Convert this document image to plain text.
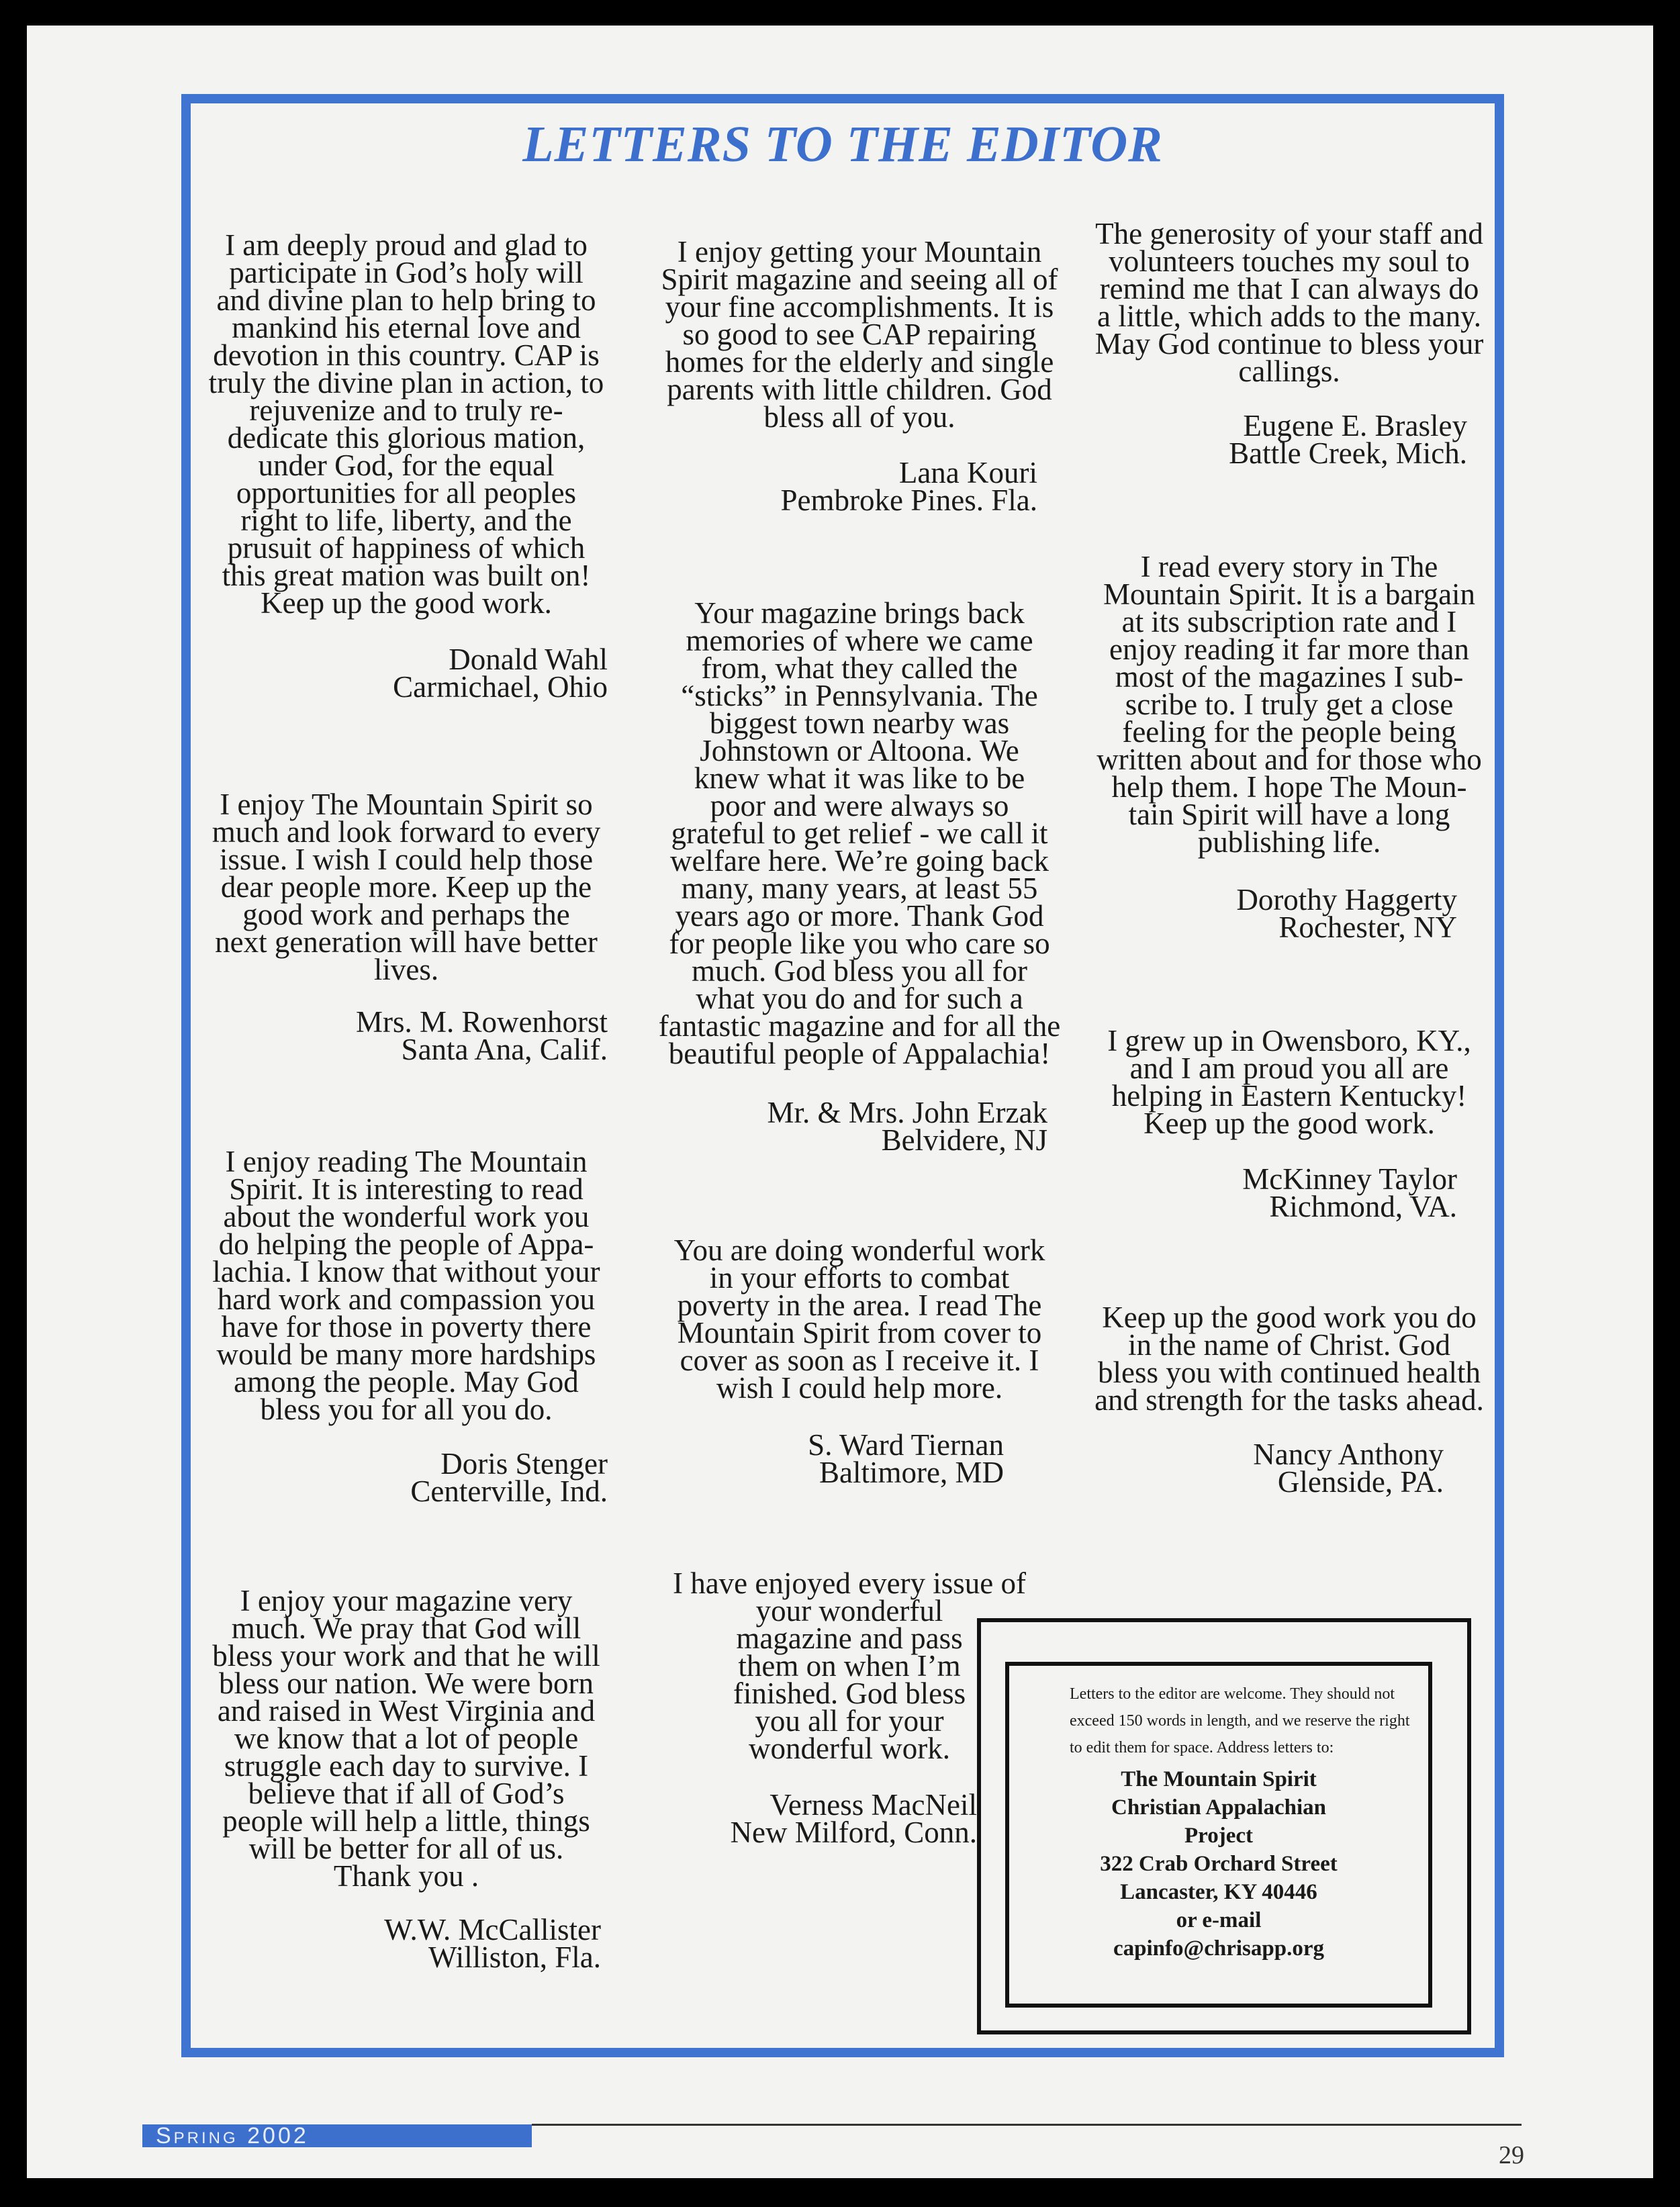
LETTERS TO THE EDITOR

I am deeply proud and glad to

participate in God’s holy will

and divine plan to help bring to

mankind his eternal love and

devotion in this country. CAP is

truly the divine plan in action, to

rejuvenize and to truly re-

dedicate this glorious mation,

under God, for the equal

opportunities for all peoples

right to life, liberty, and the

prusuit of happiness of which

this great mation was built on!

Keep up the good work.

Donald Wahl
Carmichael, Ohio

I enjoy The Mountain Spirit so

much and look forward to every

issue. I wish I could help those

dear people more. Keep up the

good work and perhaps the

next generation will have better

lives.

Mrs. M. Rowenhorst
Santa Ana, Calif.

I enjoy reading The Mountain

Spirit. It is interesting to read

about the wonderful work you

do helping the people of Appa-

lachia. I know that without your

hard work and compassion you

have for those in poverty there

would be many more hardships

among the people. May God

bless you for all you do.

Doris Stenger
Centerville, Ind.

I enjoy your magazine very

much. We pray that God will

bless your work and that he will

bless our nation. We were born

and raised in West Virginia and

we know that a lot of people

struggle each day to survive. I

believe that if all of God’s

people will help a little, things

will be better for all of us.

Thank you .

W.W. McCallister
Williston, Fla.

I enjoy getting your Mountain

Spirit magazine and seeing all of

your fine accomplishments. It is

so good to see CAP repairing

homes for the elderly and single

parents with little children. God

bless all of you.

Lana Kouri
Pembroke Pines. Fla.

Your magazine brings back

memories of where we came

from, what they called the

“sticks” in Pennsylvania. The

biggest town nearby was

Johnstown or Altoona. We

knew what it was like to be

poor and were always so

grateful to get relief - we call it

welfare here. We’re going back

many, many years, at least 55

years ago or more. Thank God

for people like you who care so

much. God bless you all for

what you do and for such a

fantastic magazine and for all the

beautiful people of Appalachia!

Mr. & Mrs. John Erzak
Belvidere, NJ

You are doing wonderful work

in your efforts to combat

poverty in the area. I read The

Mountain Spirit from cover to

cover as soon as I receive it. I

wish I could help more.

S. Ward Tiernan
Baltimore, MD

I have enjoyed every issue of

your wonderful

magazine and pass

them on when I’m

finished. God bless

you all for your

wonderful work.

Verness MacNeil
New Milford, Conn.

The generosity of your staff and

volunteers touches my soul to

remind me that I can always do

a little, which adds to the many.

May God continue to bless your

callings.

Eugene E. Brasley
Battle Creek, Mich.

I read every story in The

Mountain Spirit. It is a bargain

at its subscription rate and I

enjoy reading it far more than

most of the magazines I sub-

scribe to. I truly get a close

feeling for the people being

written about and for those who

help them. I hope The Moun-

tain Spirit will have a long

publishing life.

Dorothy Haggerty
Rochester, NY

I grew up in Owensboro, KY.,

and I am proud you all are

helping in Eastern Kentucky!

Keep up the good work.

McKinney Taylor
Richmond, VA.

Keep up the good work you do

in the name of Christ. God

bless you with continued health

and strength for the tasks ahead.

Nancy Anthony
Glenside, PA.

Letters to the editor are welcome. They should not exceed 150 words in length, and we reserve the right to edit them for space. Address letters to:

The Mountain Spirit
Christian Appalachian
Project
322 Crab Orchard Street
Lancaster, KY 40446
or e-mail
capinfo@chrisapp.org
Spring 2002
29
